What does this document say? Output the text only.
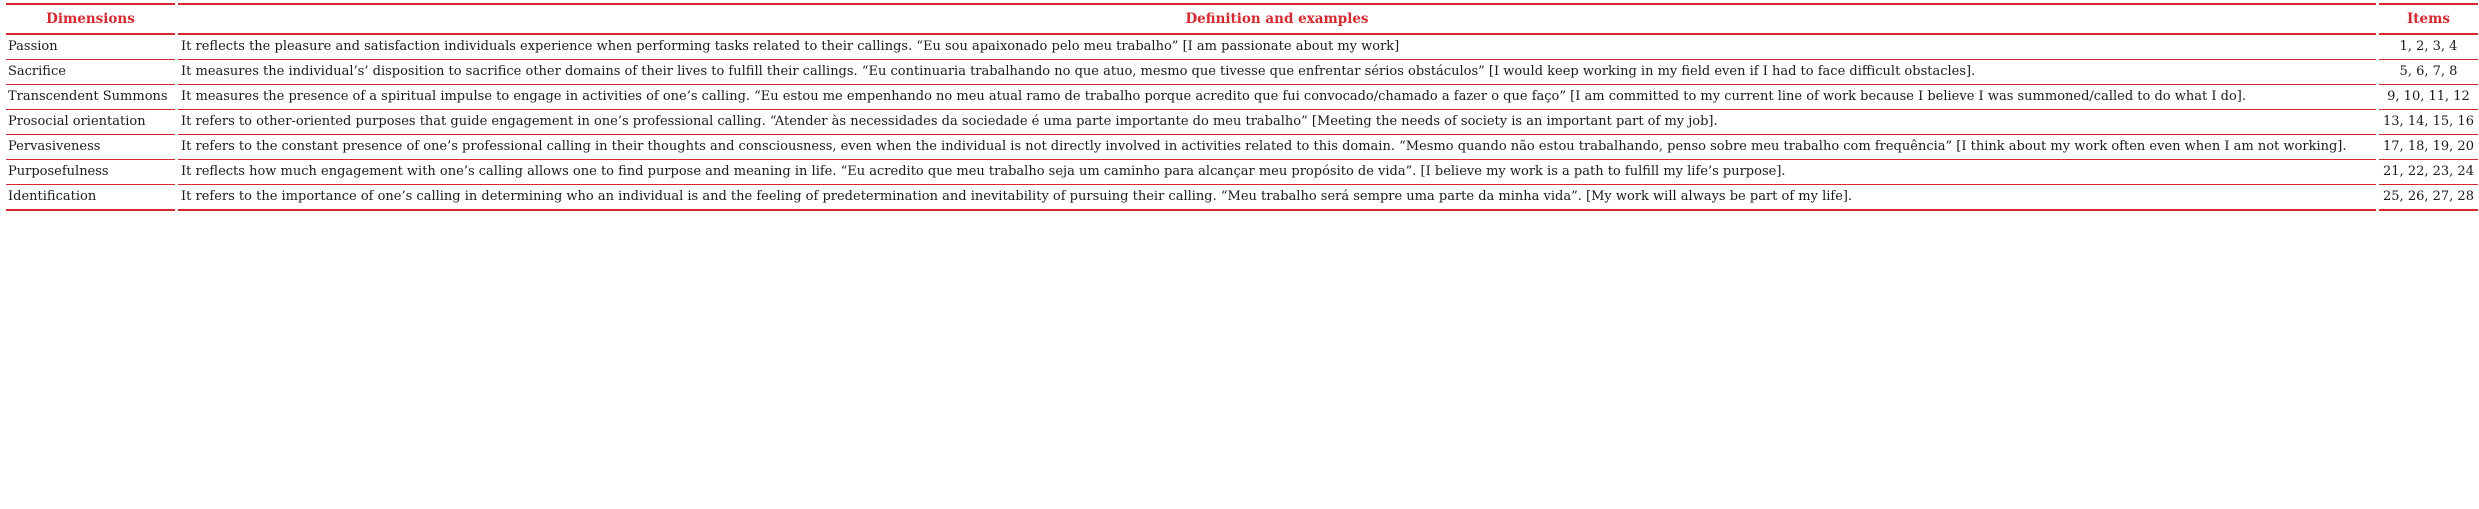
Dimensions	Definition and examples	Items
Passion	It reflects the pleasure and satisfaction individuals experience when performing tasks related to their callings. “Eu sou apaixonado pelo meu trabalho” [I am passionate about my work]	1, 2, 3, 4
Sacrifice	It measures the individual’s’ disposition to sacrifice other domains of their lives to fulfill their callings. “Eu continuaria trabalhando no que atuo, mesmo que tivesse que enfrentar sérios obstáculos” [I would keep working in my field even if I had to face difficult obstacles].	5, 6, 7, 8
Transcendent Summons	It measures the presence of a spiritual impulse to engage in activities of one’s calling. “Eu estou me empenhando no meu atual ramo de trabalho porque acredito que fui convocado/chamado a fazer o que faço” [I am committed to my current line of work because I believe I was summoned/called to do what I do].	9, 10, 11, 12
Prosocial orientation	It refers to other-oriented purposes that guide engagement in one’s professional calling. “Atender às necessidades da sociedade é uma parte importante do meu trabalho” [Meeting the needs of society is an important part of my job].	13, 14, 15, 16
Pervasiveness	It refers to the constant presence of one’s professional calling in their thoughts and consciousness, even when the individual is not directly involved in activities related to this domain. “Mesmo quando não estou trabalhando, penso sobre meu trabalho com frequência” [I think about my work often even when I am not working].	17, 18, 19, 20
Purposefulness	It reflects how much engagement with one’s calling allows one to find purpose and meaning in life. “Eu acredito que meu trabalho seja um caminho para alcançar meu propósito de vida”. [I believe my work is a path to fulfill my life’s purpose].	21, 22, 23, 24
Identification	It refers to the importance of one’s calling in determining who an individual is and the feeling of predetermination and inevitability of pursuing their calling. “Meu trabalho será sempre uma parte da minha vida”. [My work will always be part of my life].	25, 26, 27, 28
